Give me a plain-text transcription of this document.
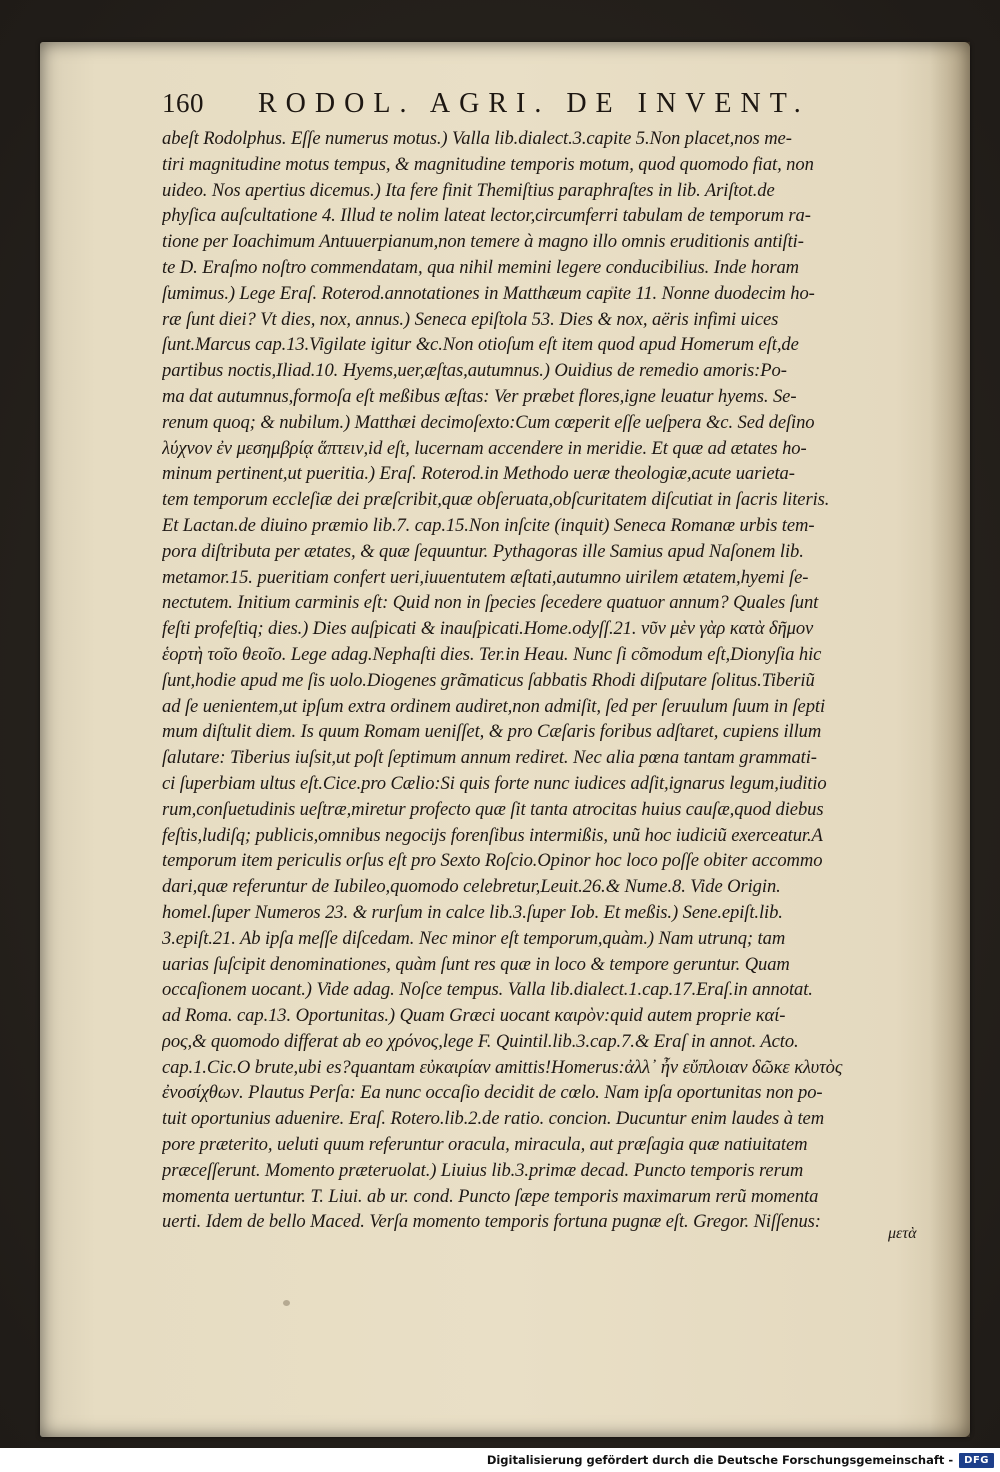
160 RODOL. AGRI. DE INVENT.
abeſt Rodolphus. Eſſe numerus motus.) Valla lib.dialect.3.capite 5.Non placet,nos me-
tiri magnitudine motus tempus, & magnitudine temporis motum, quod quomodo fiat, non
uideo. Nos apertius dicemus.) Ita fere finit Themiſtius paraphraſtes in lib. Ariſtot.de
phyſica auſcultatione 4. Illud te nolim lateat lector,circumferri tabulam de temporum ra-
tione per Ioachimum Antuuerpianum,non temere à magno illo omnis eruditionis antiſti-
te D. Eraſmo noſtro commendatam, qua nihil memini legere conducibilius. Inde horam
ſumimus.) Lege Eraſ. Roterod.annotationes in Matthæum capite 11. Nonne duodecim ho-
ræ ſunt diei? Vt dies, nox, annus.) Seneca epiſtola 53. Dies & nox, aëris infimi uices
ſunt.Marcus cap.13.Vigilate igitur &c.Non otioſum eſt item quod apud Homerum eſt,de
partibus noctis,Iliad.10. Hyems,uer,æſtas,autumnus.) Ouidius de remedio amoris:Po-
ma dat autumnus,formoſa eſt meßibus æſtas: Ver præbet flores,igne leuatur hyems. Se-
renum quoq; & nubilum.) Matthæi decimoſexto:Cum cœperit eſſe ueſpera &c. Sed deſino
λύχνον ἐν μεσημβρίᾳ ἅπτειν,id eſt, lucernam accendere in meridie. Et quæ ad ætates ho-
minum pertinent,ut pueritia.) Eraſ. Roterod.in Methodo ueræ theologiæ,acute uarieta-
tem temporum eccleſiæ dei præſcribit,quæ obſeruata,obſcuritatem diſcutiat in ſacris literis.
Et Lactan.de diuino præmio lib.7. cap.15.Non inſcite (inquit) Seneca Romanæ urbis tem-
pora diſtributa per ætates, & quæ ſequuntur. Pythagoras ille Samius apud Naſonem lib.
metamor.15. pueritiam confert ueri,iuuentutem æſtati,autumno uirilem ætatem,hyemi ſe-
nectutem. Initium carminis eſt: Quid non in ſpecies ſecedere quatuor annum? Quales ſunt
feſti profeſtiq; dies.) Dies auſpicati & inauſpicati.Home.odyſſ.21. νῦν μὲν γὰρ κατὰ δῆμον
ἑορτὴ τοῖο θεοῖο. Lege adag.Nephaſti dies. Ter.in Heau. Nunc ſi cõmodum eſt,Dionyſia hic
ſunt,hodie apud me ſis uolo.Diogenes grãmaticus ſabbatis Rhodi diſputare ſolitus.Tiberiũ
ad ſe uenientem,ut ipſum extra ordinem audiret,non admiſit, ſed per ſeruulum ſuum in ſepti
mum diſtulit diem. Is quum Romam ueniſſet, & pro Cæſaris foribus adſtaret, cupiens illum
ſalutare: Tiberius iuſsit,ut poſt ſeptimum annum rediret. Nec alia pœna tantam grammati-
ci ſuperbiam ultus eſt.Cice.pro Cælio:Si quis forte nunc iudices adſit,ignarus legum,iuditio
rum,conſuetudinis ueſtræ,miretur profecto quæ ſit tanta atrocitas huius cauſæ,quod diebus
feſtis,ludiſq; publicis,omnibus negocijs forenſibus intermißis, unũ hoc iudiciũ exerceatur.A
temporum item periculis orſus eſt pro Sexto Roſcio.Opinor hoc loco poſſe obiter accommo
dari,quæ referuntur de Iubileo,quomodo celebretur,Leuit.26.& Nume.8. Vide Origin.
homel.ſuper Numeros 23. & rurſum in calce lib.3.ſuper Iob. Et meßis.) Sene.epiſt.lib.
3.epiſt.21. Ab ipſa meſſe diſcedam. Nec minor eſt temporum,quàm.) Nam utrunq; tam
uarias ſuſcipit denominationes, quàm ſunt res quæ in loco & tempore geruntur. Quam
occaſionem uocant.) Vide adag. Noſce tempus. Valla lib.dialect.1.cap.17.Eraſ.in annotat.
ad Roma. cap.13. Oportunitas.) Quam Græci uocant καιρὸν:quid autem proprie καί-
ρος,& quomodo differat ab eo χρόνος,lege F. Quintil.lib.3.cap.7.& Eraſ in annot. Acto.
cap.1.Cic.O brute,ubi es?quantam εὐκαιρίαν amittis!Homerus:ἀλλ᾽ ἦν εὔπλοιαν δῶκε κλυτὸς
ἐνοσίχθων. Plautus Perſa: Ea nunc occaſio decidit de cœlo. Nam ipſa oportunitas non po-
tuit oportunius aduenire. Eraſ. Rotero.lib.2.de ratio. concion. Ducuntur enim laudes à tem
pore præterito, ueluti quum referuntur oracula, miracula, aut præſagia quæ natiuitatem
præceſſerunt. Momento præteruolat.) Liuius lib.3.primæ decad. Puncto temporis rerum
momenta uertuntur. T. Liui. ab ur. cond. Puncto ſæpe temporis maximarum rerũ momenta
uerti. Idem de bello Maced. Verſa momento temporis fortuna pugnæ eſt. Gregor. Niſſenus:
μετὰ
Digitalisierung gefördert durch die Deutsche Forschungsgemeinschaft -	DFG
